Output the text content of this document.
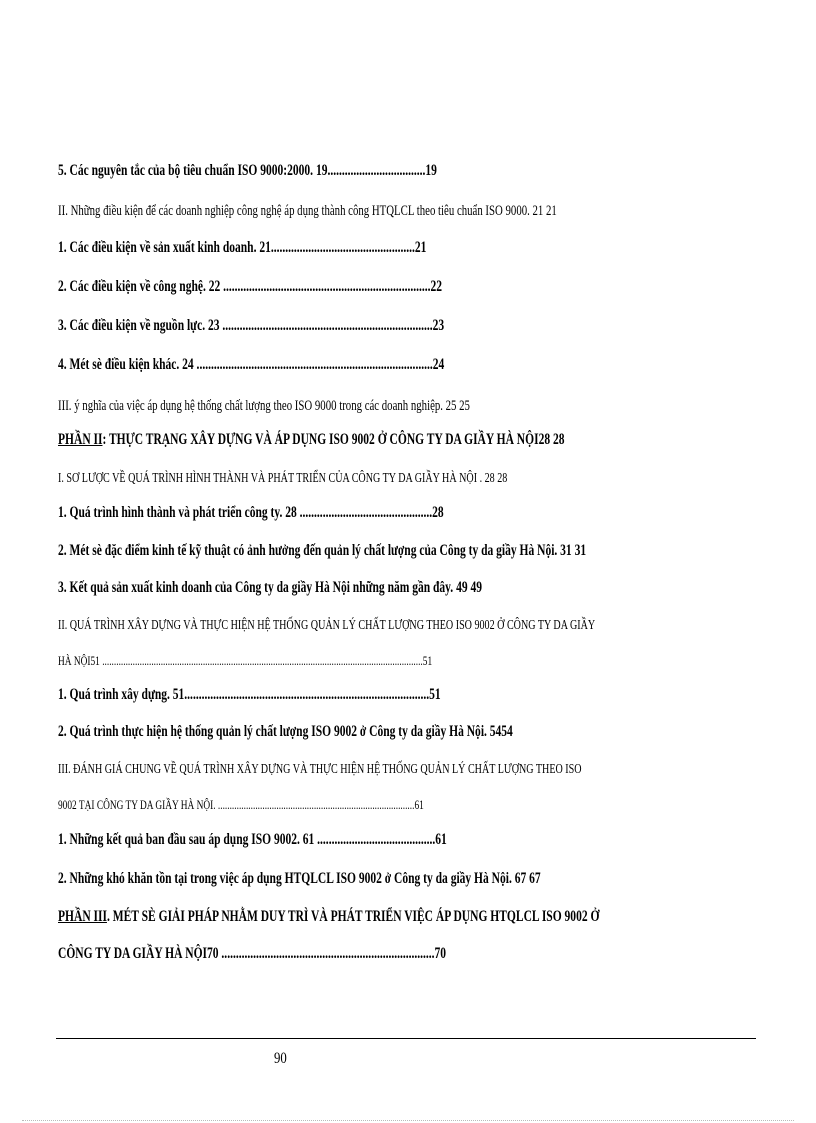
5. Các nguyên tắc của bộ tiêu chuẩn ISO 9000:2000. 19..................................19
II. Những điều kiện để các doanh nghiệp công nghệ áp dụng thành công HTQLCL theo tiêu chuẩn ISO 9000. 21 21
1. Các điều kiện về sản xuất kinh doanh. 21..................................................21
2. Các điều kiện về công nghệ. 22 ........................................................................22
3. Các điều kiện về nguồn lực. 23 .........................................................................23
4. Mét sè điều kiện khác. 24 ..................................................................................24
III. ý nghĩa của việc áp dụng hệ thống chất lượng theo ISO 9000 trong các doanh nghiệp. 25 25
PHẦN II: THỰC TRẠNG XÂY DỰNG VÀ ÁP DỤNG ISO 9002 Ở CÔNG TY DA GIẦY HÀ NỘI28 28
I. SƠ LƯỢC VỀ QUÁ TRÌNH HÌNH THÀNH VÀ PHÁT TRIỂN CỦA CÔNG TY DA GIẦY HÀ NỘI . 28 28
1. Quá trình hình thành và phát triển công ty. 28 ..............................................28
2. Mét sè đặc điểm kinh tế kỹ thuật có ảnh hưởng đến quản lý chất lượng của Công ty da giầy Hà Nội. 31 31
3. Kết quả sản xuất kinh doanh của Công ty da giầy Hà Nội những năm gần đây. 49 49
II. QUÁ TRÌNH XÂY DỰNG VÀ THỰC HIỆN HỆ THỐNG QUẢN LÝ CHẤT LƯỢNG THEO ISO 9002 Ở CÔNG TY DA GIẦY
HÀ NỘI51 .........................................................................................................................................51
1. Quá trình xây dựng. 51.....................................................................................51
2. Quá trình thực hiện hệ thống quản lý chất lượng ISO 9002 ở Công ty da giầy Hà Nội. 5454
III. ĐÁNH GIÁ CHUNG VỀ QUÁ TRÌNH XÂY DỰNG VÀ THỰC HIỆN HỆ THỐNG QUẢN LÝ CHẤT LƯỢNG THEO ISO
9002 TẠI CÔNG TY DA GIẦY HÀ NỘI. ....................................................................................61
1. Những kết quả ban đầu sau áp dụng ISO 9002. 61 .........................................61
2. Những khó khăn tồn tại trong việc áp dụng HTQLCL ISO 9002 ở Công ty da giầy Hà Nội. 67 67
PHẦN III. MÉT SÈ GIẢI PHÁP NHẰM DUY TRÌ VÀ PHÁT TRIỂN VIỆC ÁP DỤNG HTQLCL ISO 9002 Ở
CÔNG TY DA GIẦY HÀ NỘI70 ..........................................................................70
90
